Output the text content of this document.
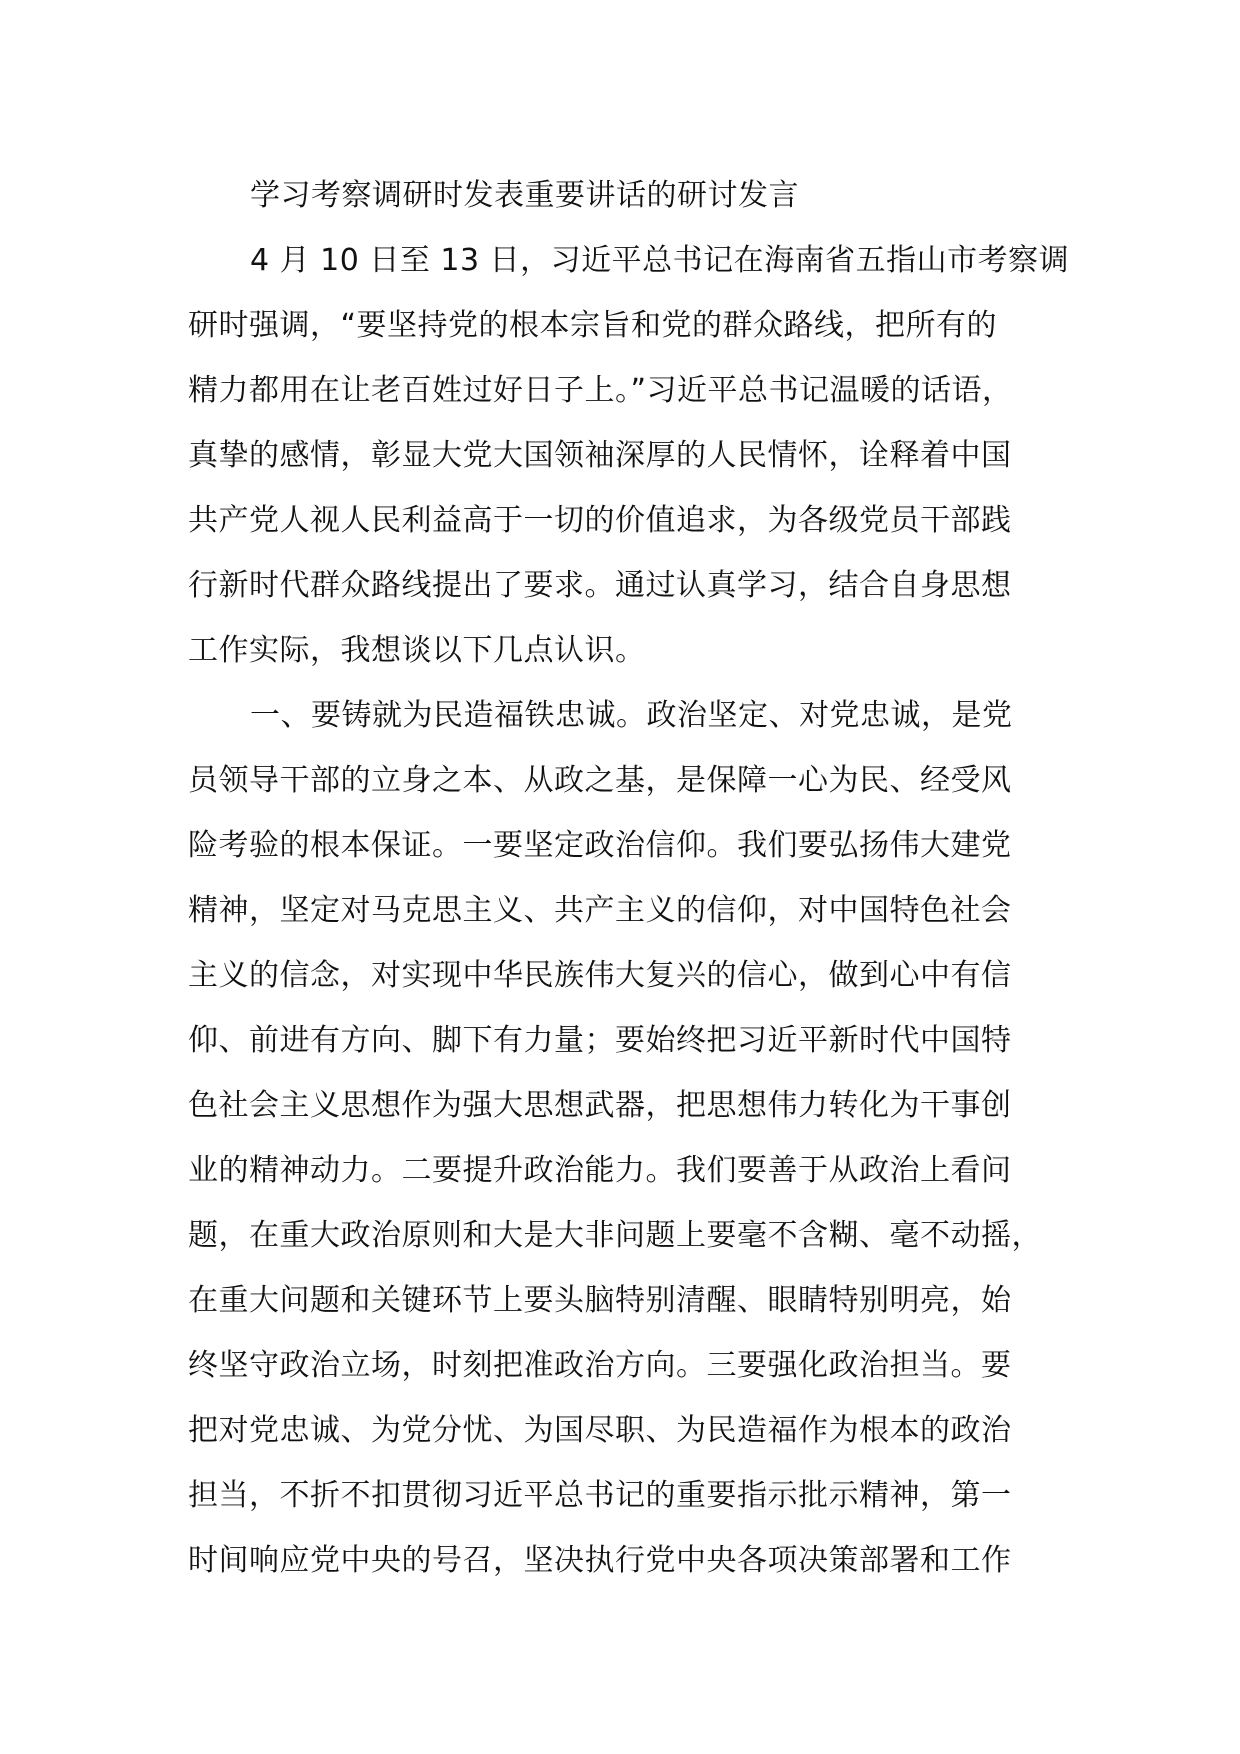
学习考察调研时发表重要讲话的研讨发言

4 月 10 日至 13 日，习近平总书记在海南省五指山市考察调

研时强调，“要坚持党的根本宗旨和党的群众路线，把所有的

精力都用在让老百姓过好日子上。”习近平总书记温暖的话语，

真挚的感情，彰显大党大国领袖深厚的人民情怀，诠释着中国

共产党人视人民利益高于一切的价值追求，为各级党员干部践

行新时代群众路线提出了要求。通过认真学习，结合自身思想

工作实际，我想谈以下几点认识。

一、要铸就为民造福铁忠诚。政治坚定、对党忠诚，是党

员领导干部的立身之本、从政之基，是保障一心为民、经受风

险考验的根本保证。一要坚定政治信仰。我们要弘扬伟大建党

精神，坚定对马克思主义、共产主义的信仰，对中国特色社会

主义的信念，对实现中华民族伟大复兴的信心，做到心中有信

仰、前进有方向、脚下有力量；要始终把习近平新时代中国特

色社会主义思想作为强大思想武器，把思想伟力转化为干事创

业的精神动力。二要提升政治能力。我们要善于从政治上看问

题，在重大政治原则和大是大非问题上要毫不含糊、毫不动摇，

在重大问题和关键环节上要头脑特别清醒、眼睛特别明亮，始

终坚守政治立场，时刻把准政治方向。三要强化政治担当。要

把对党忠诚、为党分忧、为国尽职、为民造福作为根本的政治

担当，不折不扣贯彻习近平总书记的重要指示批示精神，第一

时间响应党中央的号召，坚决执行党中央各项决策部署和工作
